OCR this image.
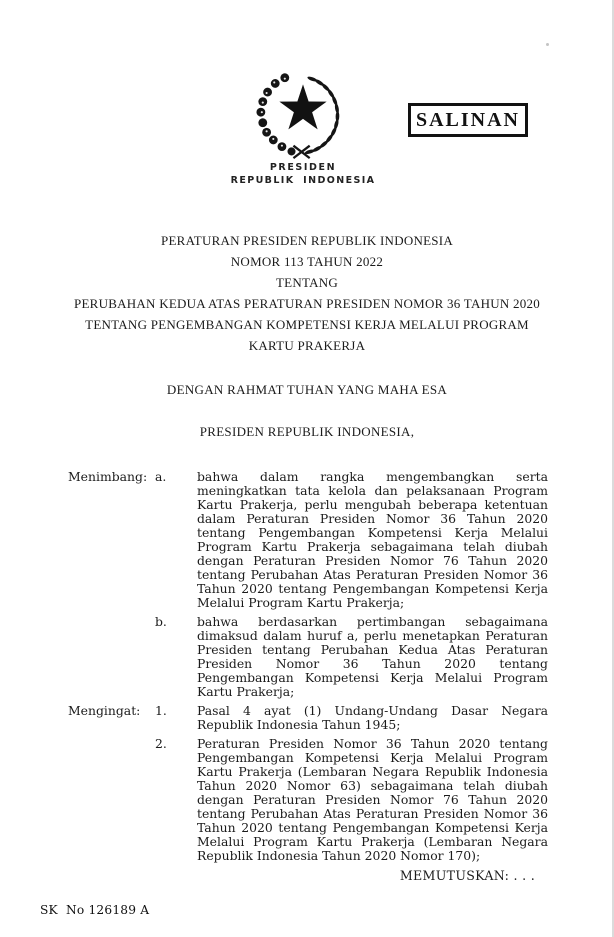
PRESIDEN
REPUBLIK INDONESIA
SALINAN
PERATURAN PRESIDEN REPUBLIK INDONESIA
NOMOR 113 TAHUN 2022
TENTANG
PERUBAHAN KEDUA ATAS PERATURAN PRESIDEN NOMOR 36 TAHUN 2020
TENTANG PENGEMBANGAN KOMPETENSI KERJA MELALUI PROGRAM
KARTU PRAKERJA
DENGAN RAHMAT TUHAN YANG MAHA ESA
PRESIDEN REPUBLIK INDONESIA,
Menimbang: a.	bahwa dalam rangka mengembangkan serta meningkatkan tata kelola dan pelaksanaan Program Kartu Prakerja, perlu mengubah beberapa ketentuan dalam Peraturan Presiden Nomor 36 Tahun 2020 tentang Pengembangan Kompetensi Kerja Melalui Program Kartu Prakerja sebagaimana telah diubah dengan Peraturan Presiden Nomor 76 Tahun 2020 tentang Perubahan Atas Peraturan Presiden Nomor 36 Tahun 2020 tentang Pengembangan Kompetensi Kerja Melalui Program Kartu Prakerja;
b.	bahwa berdasarkan pertimbangan sebagaimana dimaksud dalam huruf a, perlu menetapkan Peraturan Presiden tentang Perubahan Kedua Atas Peraturan Presiden Nomor 36 Tahun 2020 tentang Pengembangan Kompetensi Kerja Melalui Program Kartu Prakerja;
Mengingat:	1.	Pasal 4 ayat (1) Undang-Undang Dasar Negara Republik Indonesia Tahun 1945;
2.	Peraturan Presiden Nomor 36 Tahun 2020 tentang Pengembangan Kompetensi Kerja Melalui Program Kartu Prakerja (Lembaran Negara Republik Indonesia Tahun 2020 Nomor 63) sebagaimana telah diubah dengan Peraturan Presiden Nomor 76 Tahun 2020 tentang Perubahan Atas Peraturan Presiden Nomor 36 Tahun 2020 tentang Pengembangan Kompetensi Kerja Melalui Program Kartu Prakerja (Lembaran Negara Republik Indonesia Tahun 2020 Nomor 170);
MEMUTUSKAN: . . .
SK  No 126189 A
